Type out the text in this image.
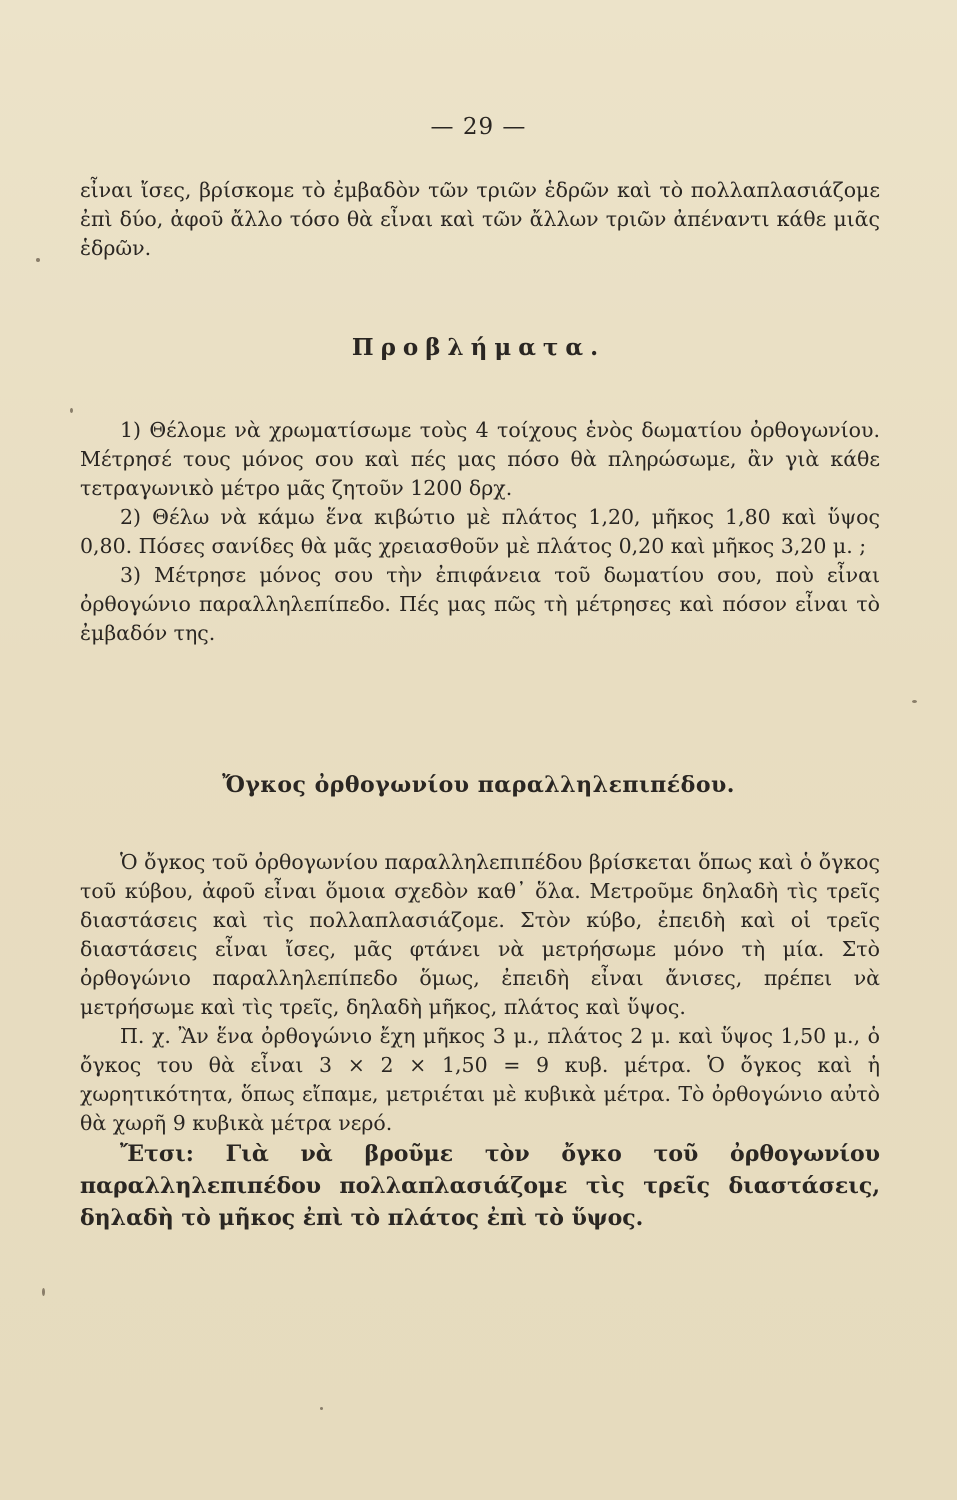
— 29 —

εἶναι ἴσες, βρίσκομε τὸ ἐμβαδὸν τῶν τριῶν ἑδρῶν καὶ τὸ πολλαπλασιάζομε ἐπὶ δύο, ἀφοῦ ἄλλο τόσο θὰ εἶναι καὶ τῶν ἄλλων τριῶν ἀπέναντι κάθε μιᾶς ἑδρῶν.

Προβλήματα.

1) Θέλομε νὰ χρωματίσωμε τοὺς 4 τοίχους ἑνὸς δωματίου ὀρθογωνίου. Μέτρησέ τους μόνος σου καὶ πές μας πόσο θὰ πληρώσωμε, ἂν γιὰ κάθε τετραγωνικὸ μέτρο μᾶς ζητοῦν 1200 δρχ.

2) Θέλω νὰ κάμω ἕνα κιβώτιο μὲ πλάτος 1,20, μῆκος 1,80 καὶ ὕψος 0,80. Πόσες σανίδες θὰ μᾶς χρειασθοῦν μὲ πλάτος 0,20 καὶ μῆκος 3,20 μ. ;

3) Μέτρησε μόνος σου τὴν ἐπιφάνεια τοῦ δωματίου σου, ποὺ εἶναι ὀρθογώνιο παραλληλεπίπεδο. Πές μας πῶς τὴ μέτρησες καὶ πόσον εἶναι τὸ ἐμβαδόν της.

Ὄγκος ὀρθογωνίου παραλληλεπιπέδου.

Ὁ ὄγκος τοῦ ὀρθογωνίου παραλληλεπιπέδου βρίσκεται ὅπως καὶ ὁ ὄγκος τοῦ κύβου, ἀφοῦ εἶναι ὅμοια σχεδὸν καθ᾽ ὅλα. Μετροῦμε δηλαδὴ τὶς τρεῖς διαστάσεις καὶ τὶς πολλαπλασιάζομε. Στὸν κύβο, ἐπειδὴ καὶ οἱ τρεῖς διαστάσεις εἶναι ἴσες, μᾶς φτάνει νὰ μετρήσωμε μόνο τὴ μία. Στὸ ὀρθογώνιο παραλληλεπίπεδο ὅμως, ἐπειδὴ εἶναι ἄνισες, πρέπει νὰ μετρήσωμε καὶ τὶς τρεῖς, δηλαδὴ μῆκος, πλάτος καὶ ὕψος.

Π. χ. Ἂν ἕνα ὀρθογώνιο ἔχη μῆκος 3 μ., πλάτος 2 μ. καὶ ὕψος 1,50 μ., ὁ ὄγκος του θὰ εἶναι 3 × 2 × 1,50 = 9 κυβ. μέτρα. Ὁ ὄγκος καὶ ἡ χωρητικότητα, ὅπως εἴπαμε, μετριέται μὲ κυβικὰ μέτρα. Τὸ ὀρθογώνιο αὐτὸ θὰ χωρῆ 9 κυβικὰ μέτρα νερό.

Ἔτσι: Γιὰ νὰ βροῦμε τὸν ὄγκο τοῦ ὀρθογωνίου παραλληλεπιπέδου πολλαπλασιάζομε τὶς τρεῖς διαστάσεις, δηλαδὴ τὸ μῆκος ἐπὶ τὸ πλάτος ἐπὶ τὸ ὕψος.
